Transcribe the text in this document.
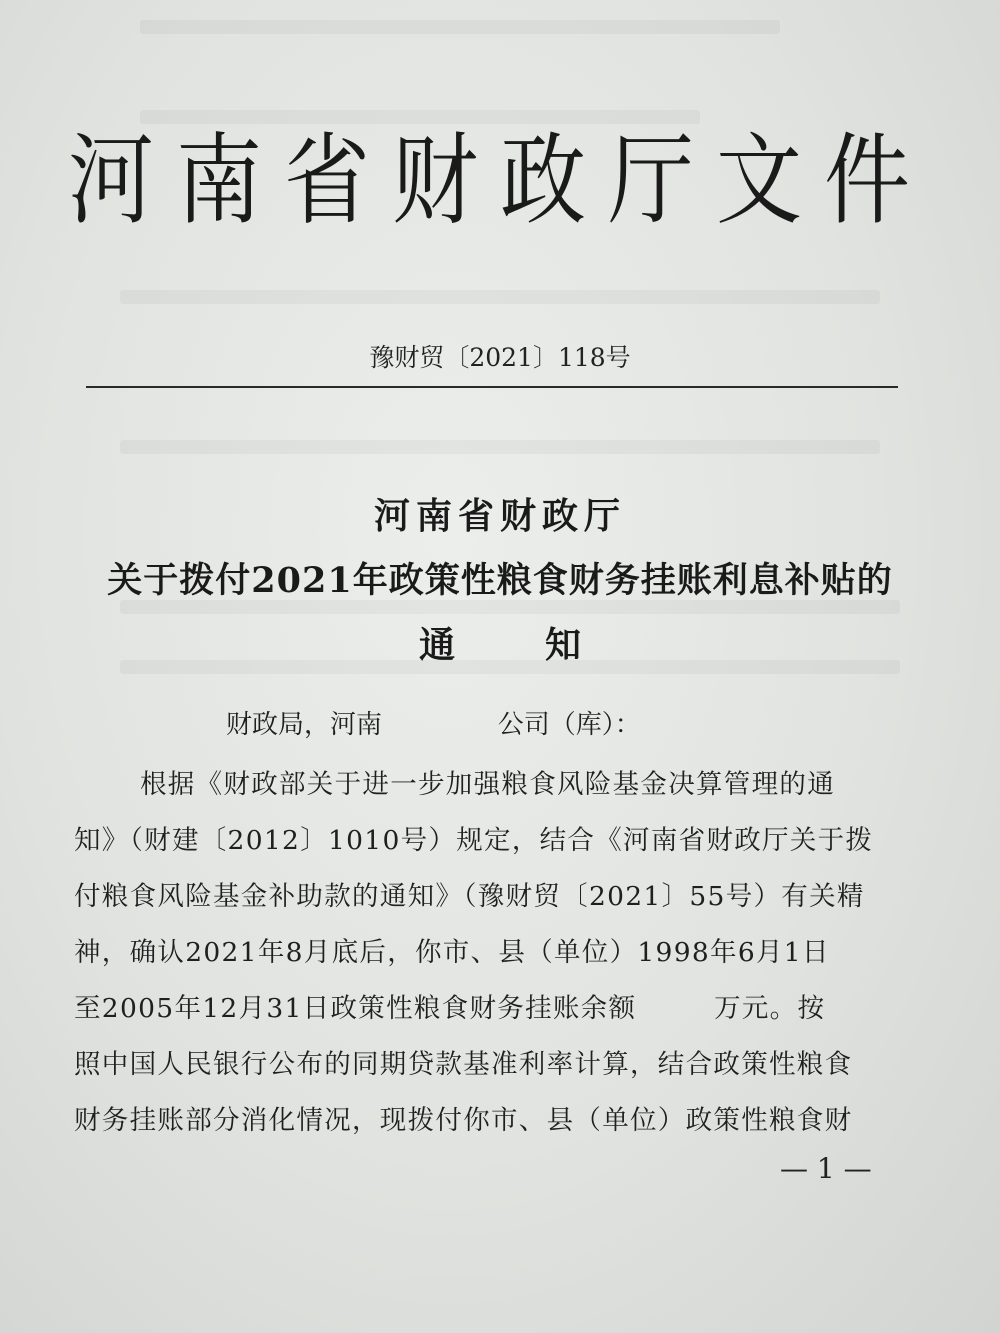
河南省财政厅文件
豫财贸〔2021〕118号
河南省财政厅
关于拨付2021年政策性粮食财务挂账利息补贴的
通知
财政局，河南              公司（库）：
根据《财政部关于进一步加强粮食风险基金决算管理的通
知》（财建〔2012〕1010号）规定，结合《河南省财政厅关于拨
付粮食风险基金补助款的通知》（豫财贸〔2021〕55号）有关精
神，确认2021年8月底后，你市、县（单位）1998年6月1日
至2005年12月31日政策性粮食财务挂账余额        万元。按
照中国人民银行公布的同期贷款基准利率计算，结合政策性粮食
财务挂账部分消化情况，现拨付你市、县（单位）政策性粮食财
— 1 —
